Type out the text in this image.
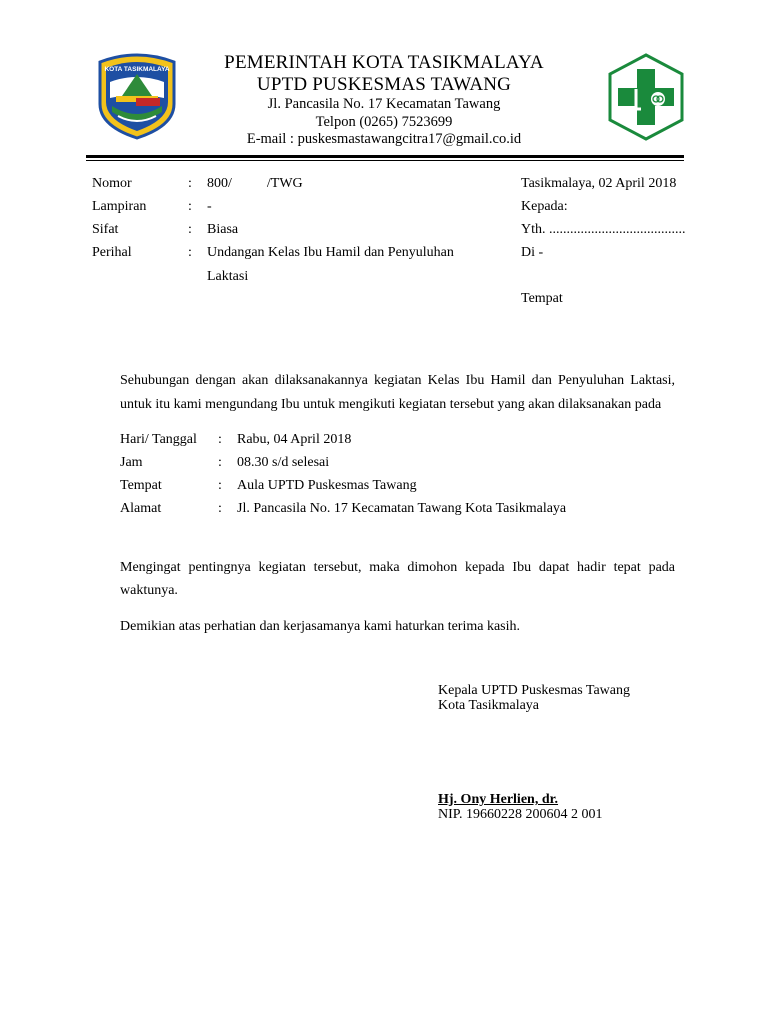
KOTA TASIKMALAYA	PEMERINTAH KOTA TASIKMALAYA
UPTD PUSKESMAS TAWANG
Jl. Pancasila No. 17 Kecamatan Tawang
Telpon (0265) 7523699
E-mail : puskesmastawangcitra17@gmail.co.id
Nomor	: 800/          /TWG
Lampiran	: -
Sifat	: Biasa
Perihal	: Undangan Kelas Ibu Hamil dan Penyuluhan
Laktasi
Tasikmalaya, 02 April 2018
Kepada:
Yth. .......................................
Di -
Tempat
Sehubungan dengan akan dilaksanakannya kegiatan Kelas Ibu Hamil dan Penyuluhan Laktasi,
untuk itu kami mengundang Ibu untuk mengikuti kegiatan tersebut yang akan dilaksanakan pada
Hari/ Tanggal : Rabu, 04 April 2018
Jam	: 08.30 s/d selesai
Tempat	: Aula UPTD Puskesmas Tawang
Alamat	: Jl. Pancasila No. 17 Kecamatan Tawang Kota Tasikmalaya
Mengingat pentingnya kegiatan tersebut, maka dimohon kepada Ibu dapat hadir tepat pada
waktunya.
Demikian atas perhatian dan kerjasamanya kami haturkan terima kasih.
Kepala UPTD Puskesmas Tawang
Kota Tasikmalaya
Hj. Ony Herlien, dr.
NIP. 19660228 200604 2 001
